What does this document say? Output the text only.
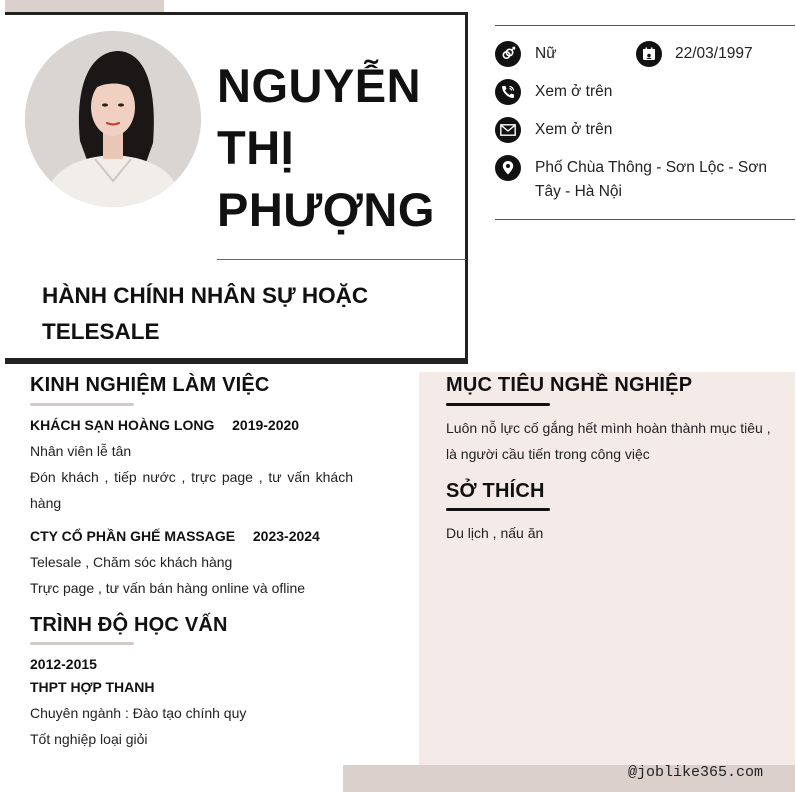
NGUYỄN
THỊ
PHƯỢNG
HÀNH CHÍNH NHÂN SỰ HOẶC
TELESALE
Nữ	22/03/1997
Xem ở trên
Xem ở trên
Phố Chùa Thông - Sơn Lộc - Sơn
Tây - Hà Nội
KINH NGHIỆM LÀM VIỆC
KHÁCH SẠN HOÀNG LONG 2019-2020
Nhân viên lễ tân
Đón khách , tiếp nước , trực page , tư vấn khách
hàng
CTY CỔ PHẦN GHẾ MASSAGE 2023-2024
Telesale , Chăm sóc khách hàng
Trực page , tư vấn bán hàng online và ofline
TRÌNH ĐỘ HỌC VẤN
2012-2015
THPT HỢP THANH
Chuyên ngành : Đào tạo chính quy
Tốt nghiệp loại giỏi
MỤC TIÊU NGHỀ NGHIỆP
Luôn nỗ lực cố gắng hết mình hoàn thành mục tiêu ,
là người cầu tiến trong công việc
SỞ THÍCH
Du lịch , nấu ăn
@joblike365.com
